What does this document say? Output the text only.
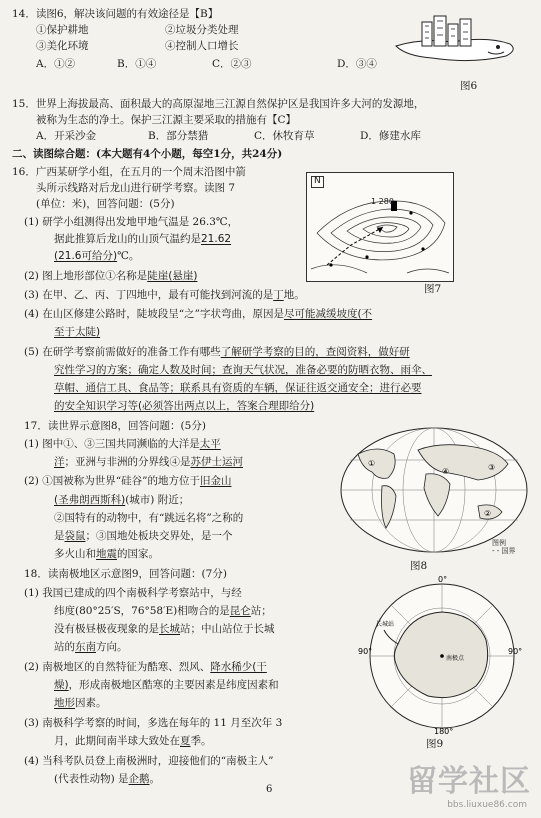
14．读图6，解决该问题的有效途径是【B】
①保护耕地	②垃圾分类处理
③美化环境	④控制人口增长
A．①②	B．①④	C．②③	D．③④
图6
15．世界上海拔最高、面积最大的高原湿地三江源自然保护区是我国许多大河的发源地，
被称为生态的净土。保护三江源主要采取的措施有【C】
A．开采沙金	B．部分禁猎	C．休牧育草	D．修建水库
二、读图综合题：(本大题有4个小题，每空1分，共24分)
16．广西某研学小组，在五月的一个周末沿图中箭
头所示线路对后龙山进行研学考察。读图 7
(单位：米)，回答问题：(5分)
(1) 研学小组测得出发地甲地气温是 26.3℃，
据此推算后龙山的山顶气温约是21.62
(21.6可给分)℃。
(2) 图上地形部位①名称是陡崖(悬崖)
(3) 在甲、乙、丙、丁四地中，最有可能找到河流的是丁地。
(4) 在山区修建公路时，陡坡段呈“之”字状弯曲，原因是尽可能减缓坡度(不
至于太陡)
(5) 在研学考察前需做好的准备工作有哪些了解研学考察的目的，查阅资料，做好研
究性学习的方案；确定人数及时间；查询天气状况，准备必要的防晒衣物、雨伞、
草帽、通信工具、食品等；联系具有资质的车辆，保证往返交通安全；进行必要
的安全知识学习等(必须答出两点以上，答案合理即给分)
N
1 280
图7
17．读世界示意图8，回答问题：(5分)
(1) 图中①、③三国共同濒临的大洋是太平
洋；亚洲与非洲的分界线④是苏伊士运河
(2) ①国被称为世界“硅谷”的地方位于旧金山
(圣弗朗西斯科)(城市) 附近；
②国特有的动物中，有“跳远名将”之称的
是袋鼠；③国地处板块交界处，是一个
多火山和地震的国家。
①
②
③
④
图例
- - 国界
图8
18．读南极地区示意图9，回答问题：(7分)
(1) 我国已建成的四个南极科学考察站中，与经
纬度(80°25′S，76°58′E)相吻合的是昆仑站；
没有极昼极夜现象的是长城站；中山站位于长城
站的东南方向。
(2) 南极地区的自然特征为酷寒、烈风、降水稀少(干
燥)，形成南极地区酷寒的主要因素是纬度因素和
地形因素。
(3) 南极科学考察的时间，多选在每年的 11 月至次年 3
月，此期间南半球大致处在夏季。
(4) 当科考队员登上南极洲时，迎接他们的“南极主人”
(代表性动物) 是企鹅。
0°
90°	90°
180°
南极点
长城站
图9
6	留学社区
bbs.liuxue86.com
